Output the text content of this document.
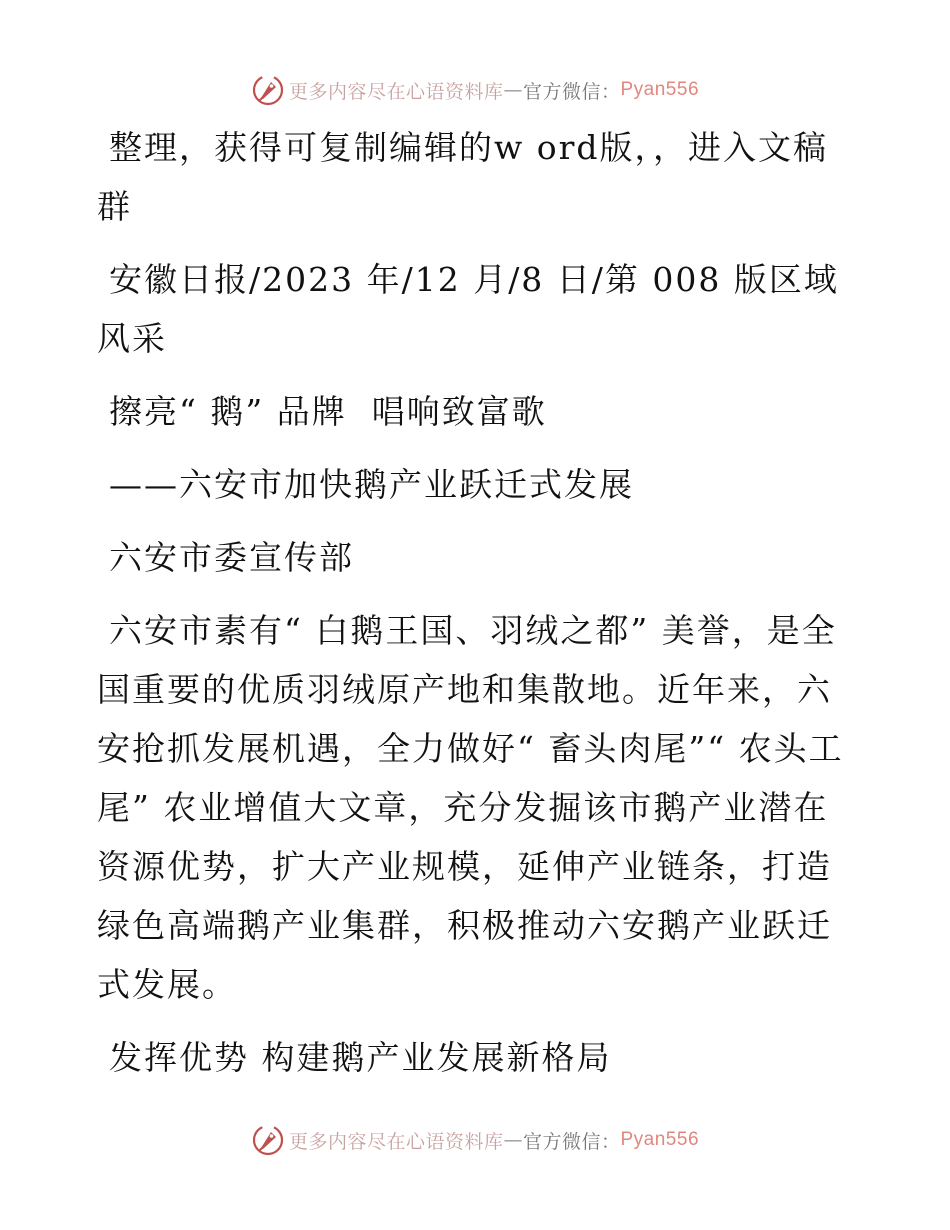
更多内容尽在心语资料库 — 官方微信： Pyan556

整理，获得可复制编辑的w ord版，，进入文稿群

安徽日报/2023 年/12 月/8 日/第 008 版区域风采

擦亮“ 鹅” 品牌  唱响致富歌

——六安市加快鹅产业跃迁式发展

六安市委宣传部

六安市素有“ 白鹅王国、羽绒之都” 美誉，是全国重要的优质羽绒原产地和集散地。近年来，六安抢抓发展机遇，全力做好“ 畜头肉尾”“ 农头工尾” 农业增值大文章，充分发掘该市鹅产业潜在资源优势，扩大产业规模，延伸产业链条，打造绿色高端鹅产业集群，积极推动六安鹅产业跃迁式发展。

发挥优势 构建鹅产业发展新格局

更多内容尽在心语资料库 — 官方微信： Pyan556
